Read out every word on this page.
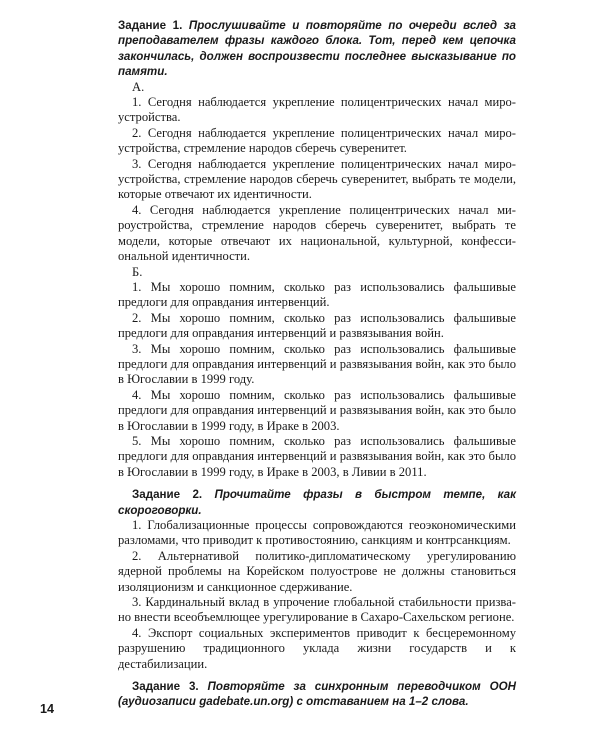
Задание 1. Прослушивайте и повторяйте по очереди вслед за преподавателем фразы каждого блока. Тот, перед кем цепочка закончилась, должен воспроизвести последнее высказывание по памяти.

А.

1. Сегодня наблюдается укрепление полицентрических начал мироустройства.

2. Сегодня наблюдается укрепление полицентрических начал мироустройства, стремление народов сберечь суверенитет.

3. Сегодня наблюдается укрепление полицентрических начал мироустройства, стремление народов сберечь суверенитет, выбрать те модели, которые отвечают их идентичности.

4. Сегодня наблюдается укрепление полицентрических начал мироустройства, стремление народов сберечь суверенитет, выбрать те модели, которые отвечают их национальной, культурной, конфессиональной идентичности.

Б.

1. Мы хорошо помним, сколько раз использовались фальшивые предлоги для оправдания интервенций.

2. Мы хорошо помним, сколько раз использовались фальшивые предлоги для оправдания интервенций и развязывания войн.

3. Мы хорошо помним, сколько раз использовались фальшивые предлоги для оправдания интервенций и развязывания войн, как это было в Югославии в 1999 году.

4. Мы хорошо помним, сколько раз использовались фальшивые предлоги для оправдания интервенций и развязывания войн, как это было в Югославии в 1999 году, в Ираке в 2003.

5. Мы хорошо помним, сколько раз использовались фальшивые предлоги для оправдания интервенций и развязывания войн, как это было в Югославии в 1999 году, в Ираке в 2003, в Ливии в 2011.

Задание 2. Прочитайте фразы в быстром темпе, как скороговорки.

1. Глобализационные процессы сопровождаются геоэкономическими разломами, что приводит к противостоянию, санкциям и контрсанкциям.

2. Альтернативой политико-дипломатическому урегулированию ядерной проблемы на Корейском полуострове не должны становиться изоляционизм и санкционное сдерживание.

3. Кардинальный вклад в упрочение глобальной стабильности призвано внести всеобъемлющее урегулирование в Сахаро-Сахельском регионе.

4. Экспорт социальных экспериментов приводит к бесцеремонному разрушению традиционного уклада жизни государств и к дестабилизации.

Задание 3. Повторяйте за синхронным переводчиком ООН (аудиозаписи gadebate.un.org) с отставанием на 1–2 слова.

14
